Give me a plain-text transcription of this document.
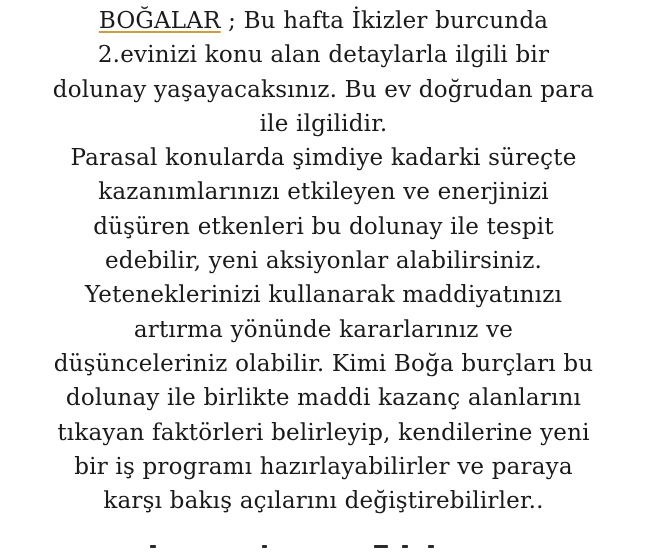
BOĞALAR ; Bu hafta İkizler burcunda
2.evinizi konu alan detaylarla ilgili bir
dolunay yaşayacaksınız. Bu ev doğrudan para
ile ilgilidir.
Parasal konularda şimdiye kadarki süreçte
kazanımlarınızı etkileyen ve enerjinizi
düşüren etkenleri bu dolunay ile tespit
edebilir, yeni aksiyonlar alabilirsiniz.
Yeteneklerinizi kullanarak maddiyatınızı
artırma yönünde kararlarınız ve
düşünceleriniz olabilir. Kimi Boğa burçları bu
dolunay ile birlikte maddi kazanç alanlarını
tıkayan faktörleri belirleyip, kendilerine yeni
bir iş programı hazırlayabilirler ve paraya
karşı bakış açılarını değiştirebilirler..
